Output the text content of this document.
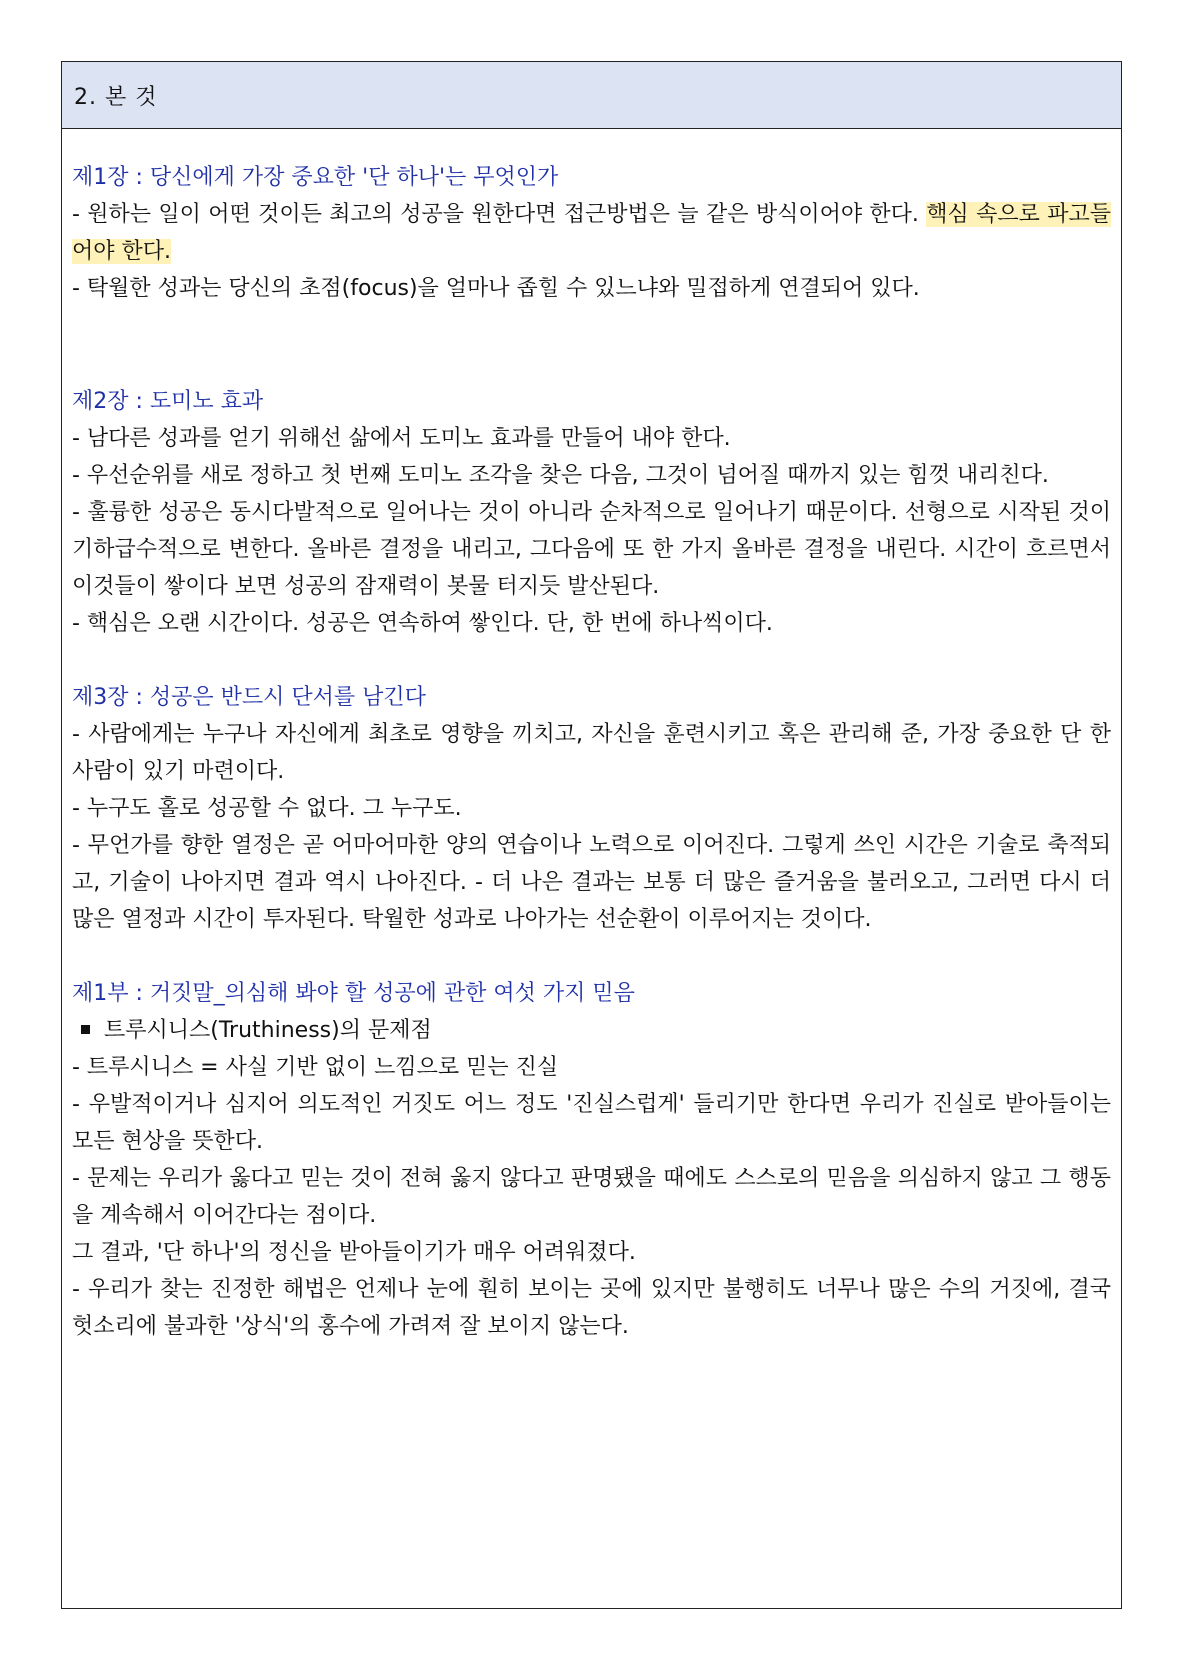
2. 본 것

제1장 : 당신에게 가장 중요한 '단 하나'는 무엇인가

- 원하는 일이 어떤 것이든 최고의 성공을 원한다면 접근방법은 늘 같은 방식이어야 한다. 핵심 속으로 파고들어야 한다.

- 탁월한 성과는 당신의 초점(focus)을 얼마나 좁힐 수 있느냐와 밀접하게 연결되어 있다.

제2장 : 도미노 효과

- 남다른 성과를 얻기 위해선 삶에서 도미노 효과를 만들어 내야 한다.

- 우선순위를 새로 정하고 첫 번째 도미노 조각을 찾은 다음, 그것이 넘어질 때까지 있는 힘껏 내리친다.

- 훌륭한 성공은 동시다발적으로 일어나는 것이 아니라 순차적으로 일어나기 때문이다. 선형으로 시작된 것이 기하급수적으로 변한다. 올바른 결정을 내리고, 그다음에 또 한 가지 올바른 결정을 내린다. 시간이 흐르면서 이것들이 쌓이다 보면 성공의 잠재력이 봇물 터지듯 발산된다.

- 핵심은 오랜 시간이다. 성공은 연속하여 쌓인다. 단, 한 번에 하나씩이다.

제3장 : 성공은 반드시 단서를 남긴다

- 사람에게는 누구나 자신에게 최초로 영향을 끼치고, 자신을 훈련시키고 혹은 관리해 준, 가장 중요한 단 한 사람이 있기 마련이다.

- 누구도 홀로 성공할 수 없다. 그 누구도.

- 무언가를 향한 열정은 곧 어마어마한 양의 연습이나 노력으로 이어진다. 그렇게 쓰인 시간은 기술로 축적되고, 기술이 나아지면 결과 역시 나아진다. - 더 나은 결과는 보통 더 많은 즐거움을 불러오고, 그러면 다시 더 많은 열정과 시간이 투자된다. 탁월한 성과로 나아가는 선순환이 이루어지는 것이다.

제1부 : 거짓말_의심해 봐야 할 성공에 관한 여섯 가지 믿음

트루시니스(Truthiness)의 문제점

- 트루시니스 = 사실 기반 없이 느낌으로 믿는 진실

- 우발적이거나 심지어 의도적인 거짓도 어느 정도 '진실스럽게' 들리기만 한다면 우리가 진실로 받아들이는 모든 현상을 뜻한다.

- 문제는 우리가 옳다고 믿는 것이 전혀 옳지 않다고 판명됐을 때에도 스스로의 믿음을 의심하지 않고 그 행동을 계속해서 이어간다는 점이다.

그 결과, '단 하나'의 정신을 받아들이기가 매우 어려워졌다.

- 우리가 찾는 진정한 해법은 언제나 눈에 훤히 보이는 곳에 있지만 불행히도 너무나 많은 수의 거짓에, 결국 헛소리에 불과한 '상식'의 홍수에 가려져 잘 보이지 않는다.
